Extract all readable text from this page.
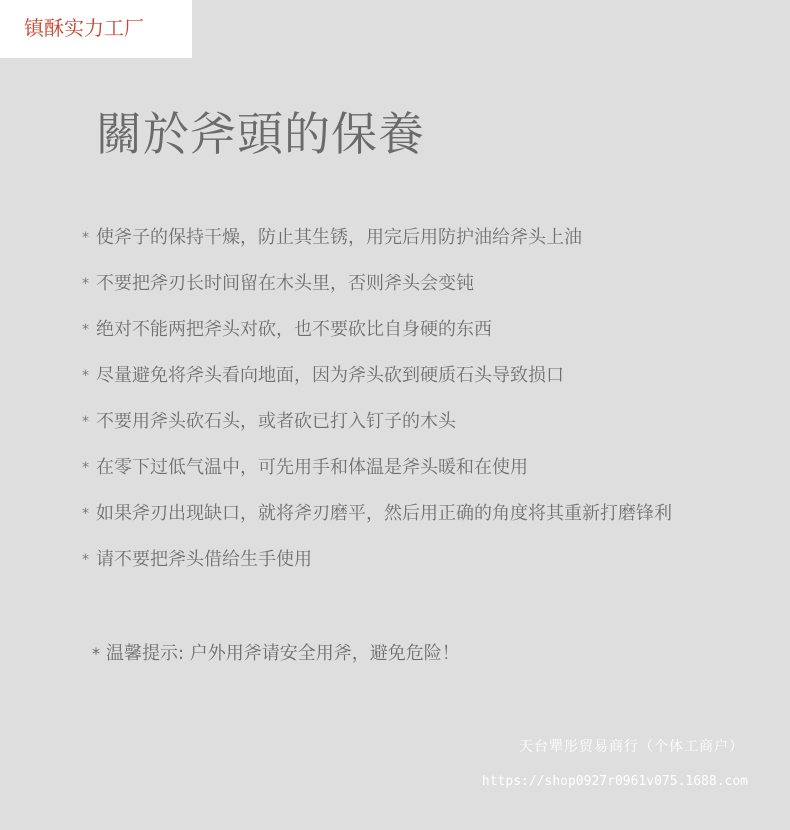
镇酥实力工厂
關於斧頭的保養
* 使斧子的保持干燥，防止其生锈，用完后用防护油给斧头上油
* 不要把斧刃长时间留在木头里，否则斧头会变钝
* 绝对不能两把斧头对砍，也不要砍比自身硬的东西
* 尽量避免将斧头看向地面，因为斧头砍到硬质石头导致损口
* 不要用斧头砍石头，或者砍已打入钉子的木头
* 在零下过低气温中，可先用手和体温是斧头暖和在使用
* 如果斧刃出现缺口，就将斧刃磨平，然后用正确的角度将其重新打磨锋利
* 请不要把斧头借给生手使用
* 温馨提示: 户外用斧请安全用斧，避免危险！
天台犟彤贸易商行（个体工商户）
https://shop0927r0961v075.1688.com
